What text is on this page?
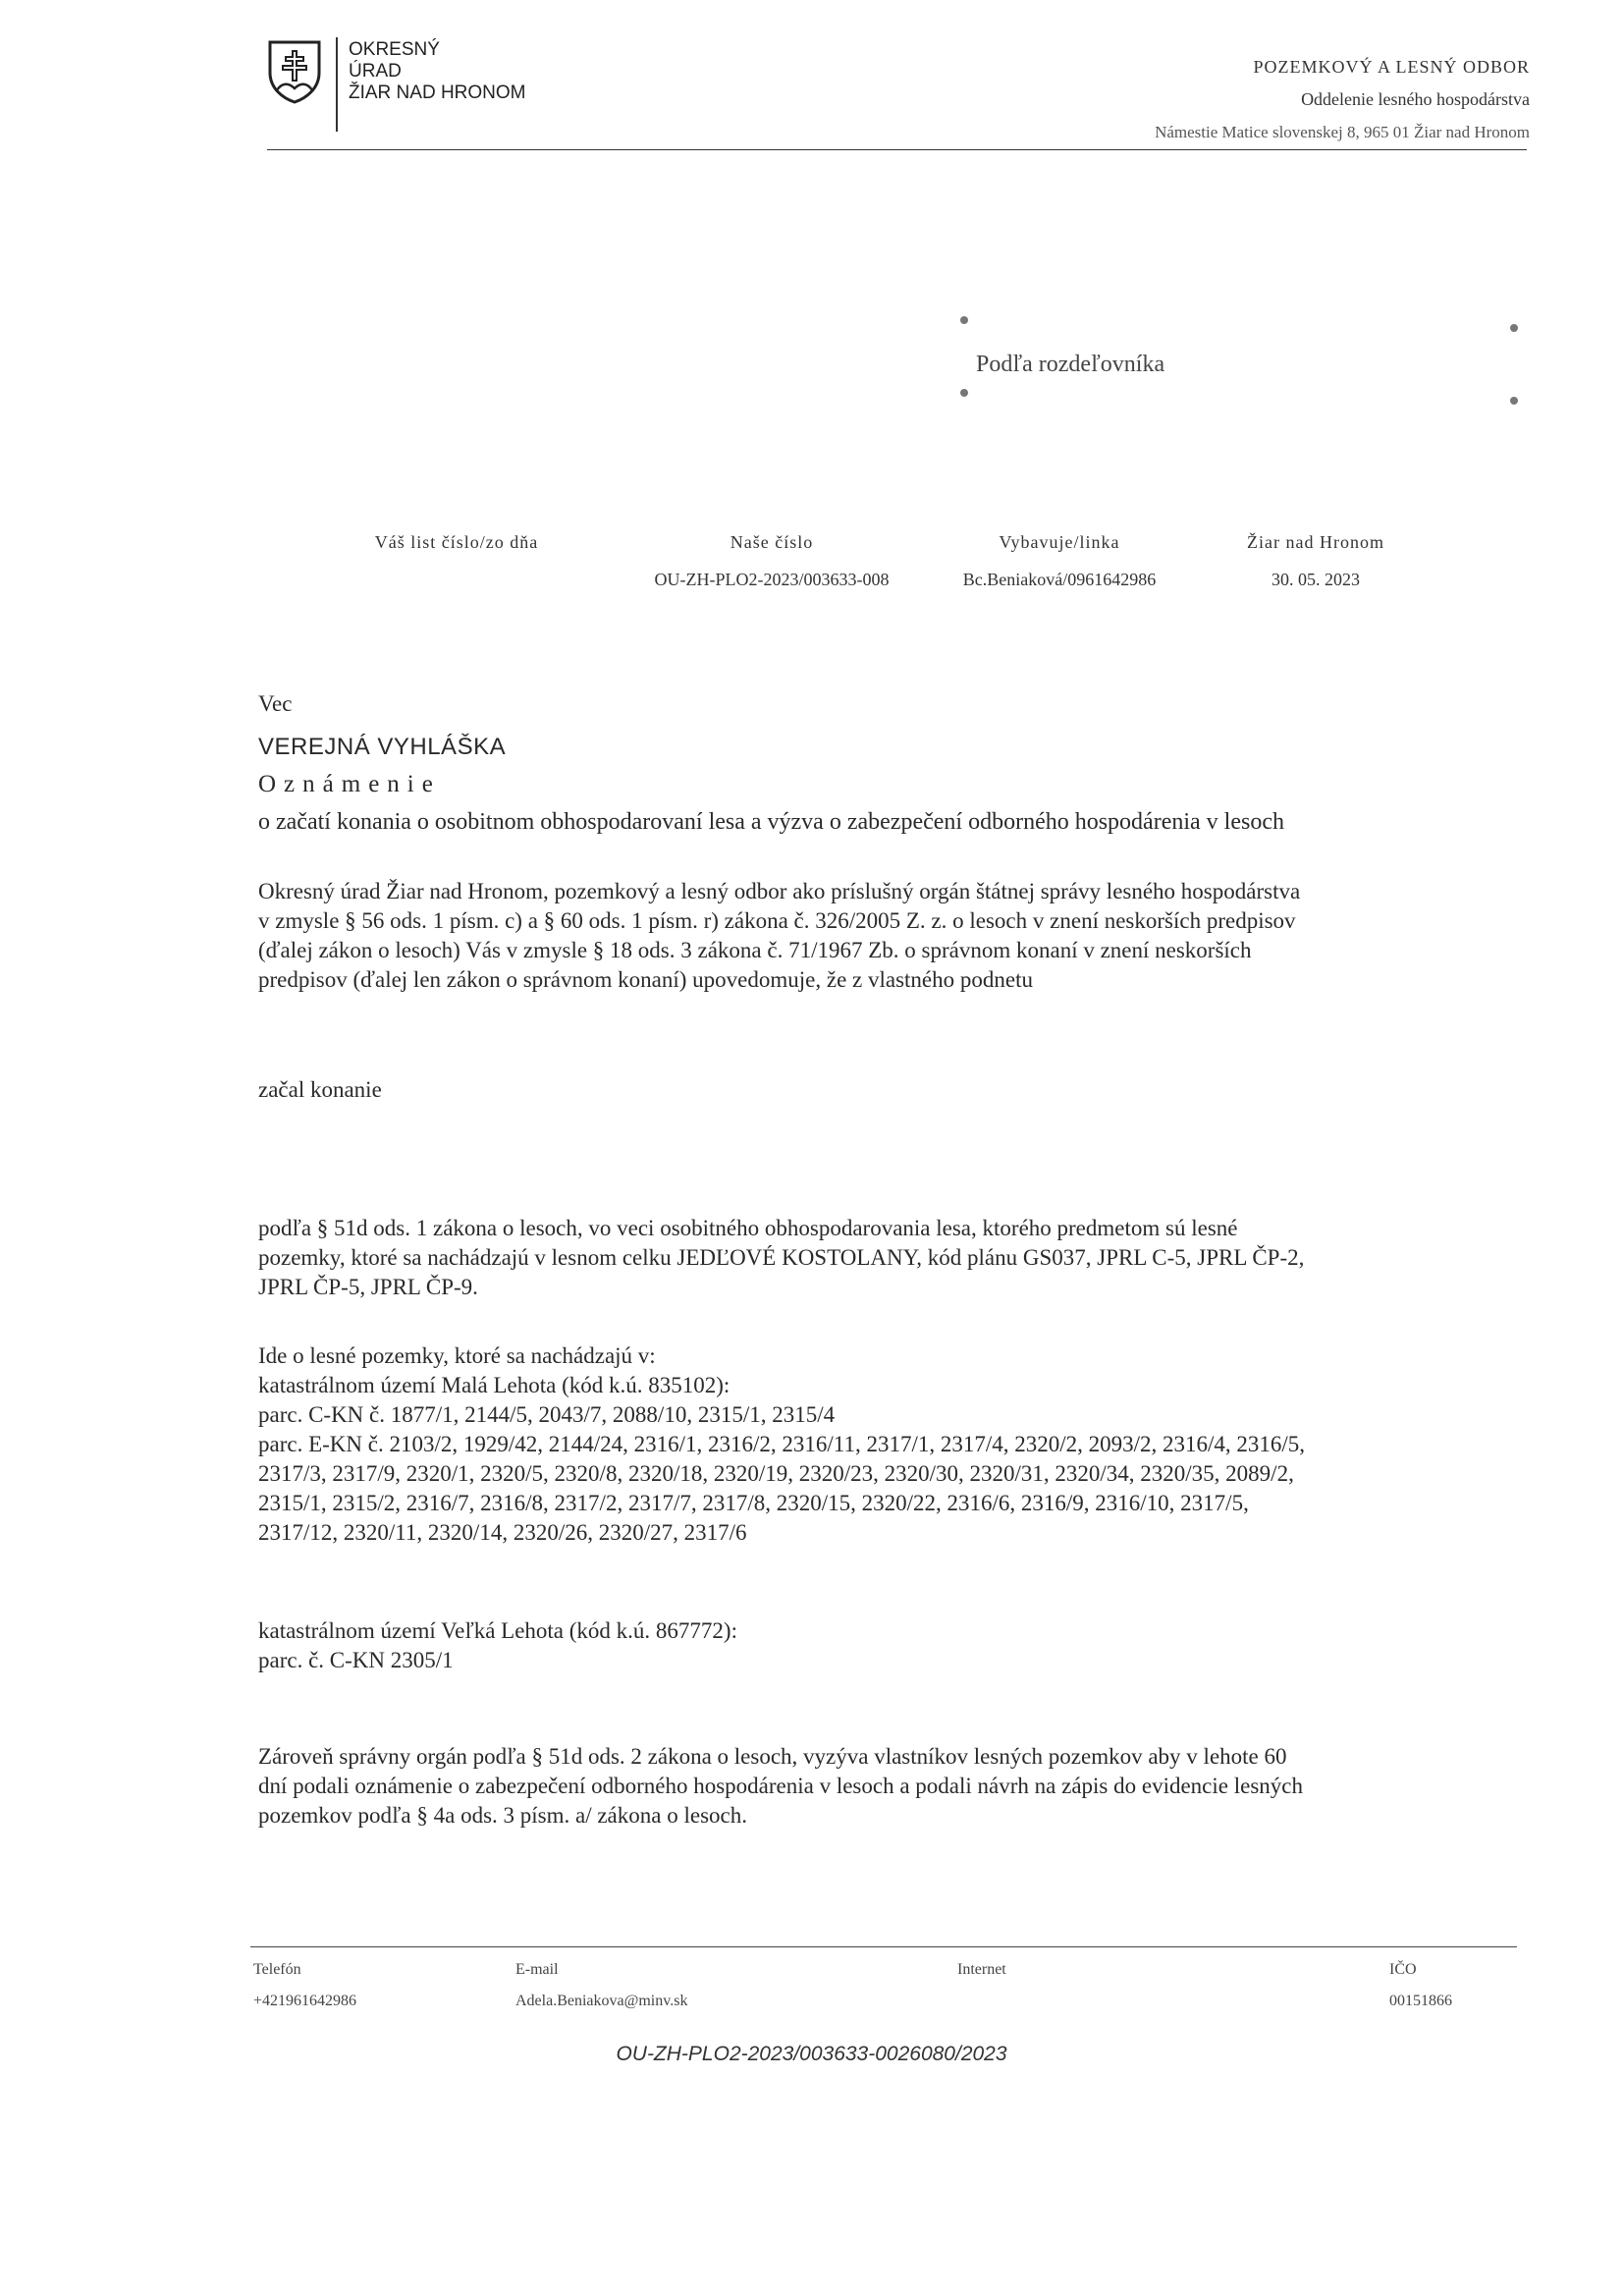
OKRESNÝ
ÚRAD
ŽIAR NAD HRONOM
POZEMKOVÝ A LESNÝ ODBOR
Oddelenie lesného hospodárstva
Námestie Matice slovenskej 8, 965 01 Žiar nad Hronom
Podľa rozdeľovníka
Váš list číslo/zo dňa	Naše číslo
OU-ZH-PLO2-2023/003633-008
Vybavuje/linka
Bc.Beniaková/0961642986
Žiar nad Hronom
30. 05. 2023
Vec
VEREJNÁ VYHLÁŠKA
Oznámenie
o začatí konania o osobitnom obhospodarovaní lesa a výzva o zabezpečení odborného hospodárenia v lesoch
Okresný úrad Žiar nad Hronom, pozemkový a lesný odbor ako príslušný orgán štátnej správy lesného hospodárstva
v zmysle § 56 ods. 1 písm. c) a § 60 ods. 1 písm. r) zákona č. 326/2005 Z. z. o lesoch v znení neskorších predpisov
(ďalej zákon o lesoch) Vás v zmysle § 18 ods. 3 zákona č. 71/1967 Zb. o správnom konaní v znení neskorších
predpisov (ďalej len zákon o správnom konaní) upovedomuje, že z vlastného podnetu
začal konanie
podľa § 51d ods. 1 zákona o lesoch, vo veci osobitného obhospodarovania lesa, ktorého predmetom sú lesné
pozemky, ktoré sa nachádzajú v lesnom celku JEDĽOVÉ KOSTOLANY, kód plánu GS037, JPRL C-5, JPRL ČP-2,
JPRL ČP-5, JPRL ČP-9.
Ide o lesné pozemky, ktoré sa nachádzajú v:
katastrálnom území Malá Lehota (kód k.ú. 835102):
parc. C-KN č. 1877/1, 2144/5, 2043/7, 2088/10, 2315/1, 2315/4
parc. E-KN č. 2103/2, 1929/42, 2144/24, 2316/1, 2316/2, 2316/11, 2317/1, 2317/4, 2320/2, 2093/2, 2316/4, 2316/5,
2317/3, 2317/9, 2320/1, 2320/5, 2320/8, 2320/18, 2320/19, 2320/23, 2320/30, 2320/31, 2320/34, 2320/35, 2089/2,
2315/1, 2315/2, 2316/7, 2316/8, 2317/2, 2317/7, 2317/8, 2320/15, 2320/22, 2316/6, 2316/9, 2316/10, 2317/5,
2317/12, 2320/11, 2320/14, 2320/26, 2320/27, 2317/6
katastrálnom území Veľká Lehota (kód k.ú. 867772):
parc. č. C-KN 2305/1
Zároveň správny orgán podľa § 51d ods. 2 zákona o lesoch, vyzýva vlastníkov lesných pozemkov aby v lehote 60
dní podali oznámenie o zabezpečení odborného hospodárenia v lesoch a podali návrh na zápis do evidencie lesných
pozemkov podľa § 4a ods. 3 písm. a/ zákona o lesoch.
Telefón
+421961642986
E-mail
Adela.Beniakova@minv.sk
Internet	IČO
00151866
OU-ZH-PLO2-2023/003633-0026080/2023
